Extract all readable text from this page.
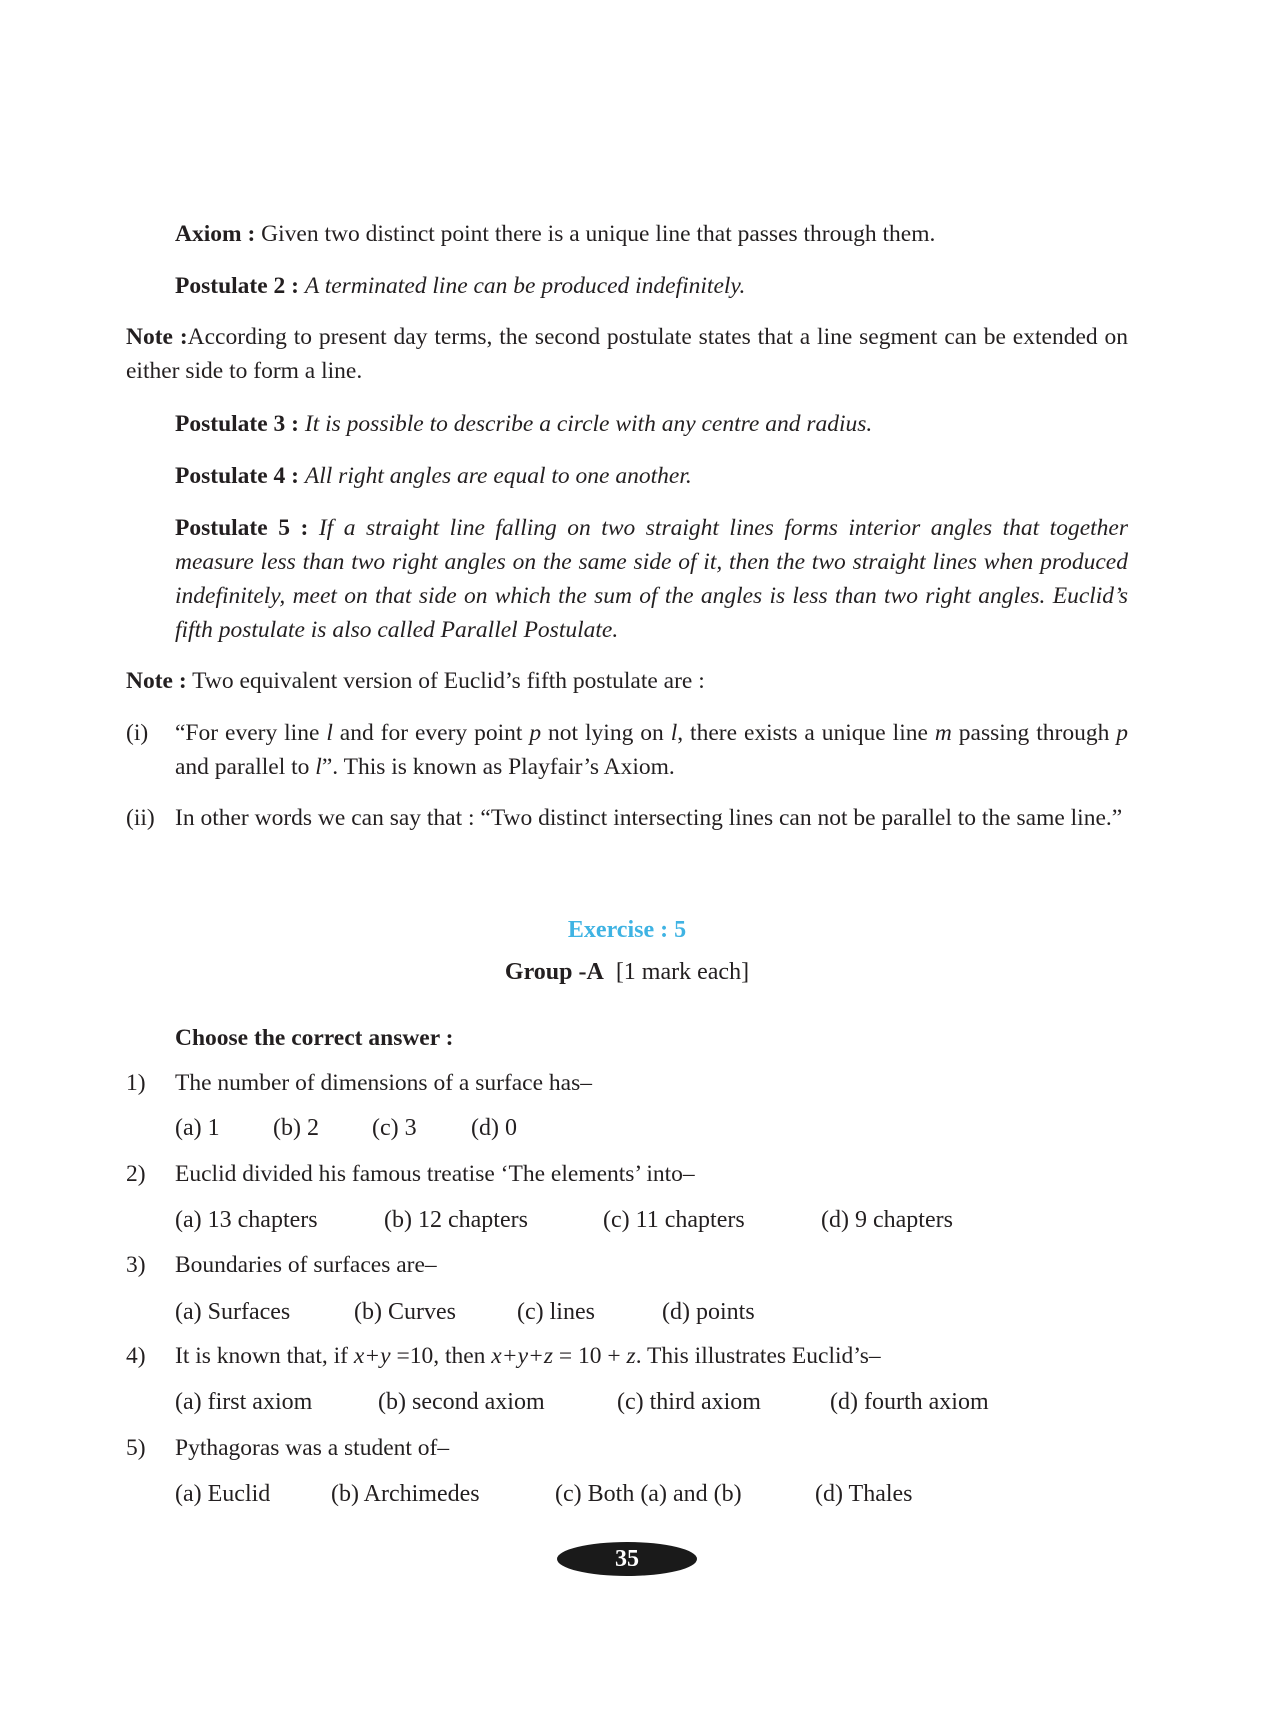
Axiom : Given two distinct point there is a unique line that passes through them.
Postulate 2 : A terminated line can be produced indefinitely.
Note :According to present day terms, the second postulate states that a line segment can be extended on either side to form a line.
Postulate 3 : It is possible to describe a circle with any centre and radius.
Postulate 4 : All right angles are equal to one another.
Postulate 5 : If a straight line falling on two straight lines forms interior angles that together measure less than two right angles on the same side of it, then the two straight lines when produced indefinitely, meet on that side on which the sum of the angles is less than two right angles. Euclid’s fifth postulate is also called Parallel Postulate.
Note : Two equivalent version of Euclid’s fifth postulate are :
(i) “For every line l and for every point p not lying on l, there exists a unique line m passing through p and parallel to l”. This is known as Playfair’s Axiom.
(ii) In other words we can say that : “Two distinct intersecting lines can not be parallel to the same line.”
Exercise : 5
Group -A [1 mark each]
Choose the correct answer :
1) The number of dimensions of a surface has–
(a) 1 (b) 2 (c) 3 (d) 0
2) Euclid divided his famous treatise ‘The elements’ into–
(a) 13 chapters	(b) 12 chapters	(c) 11 chapters	(d) 9 chapters
3) Boundaries of surfaces are–
(a) Surfaces	(b) Curves	(c) lines	(d) points
4) It is known that, if x+y =10, then x+y+z = 10 + z. This illustrates Euclid’s–
(a) first axiom	(b) second axiom	(c) third axiom	(d) fourth axiom
5) Pythagoras was a student of–
(a) Euclid	(b) Archimedes	(c) Both (a) and (b)	(d) Thales
35
